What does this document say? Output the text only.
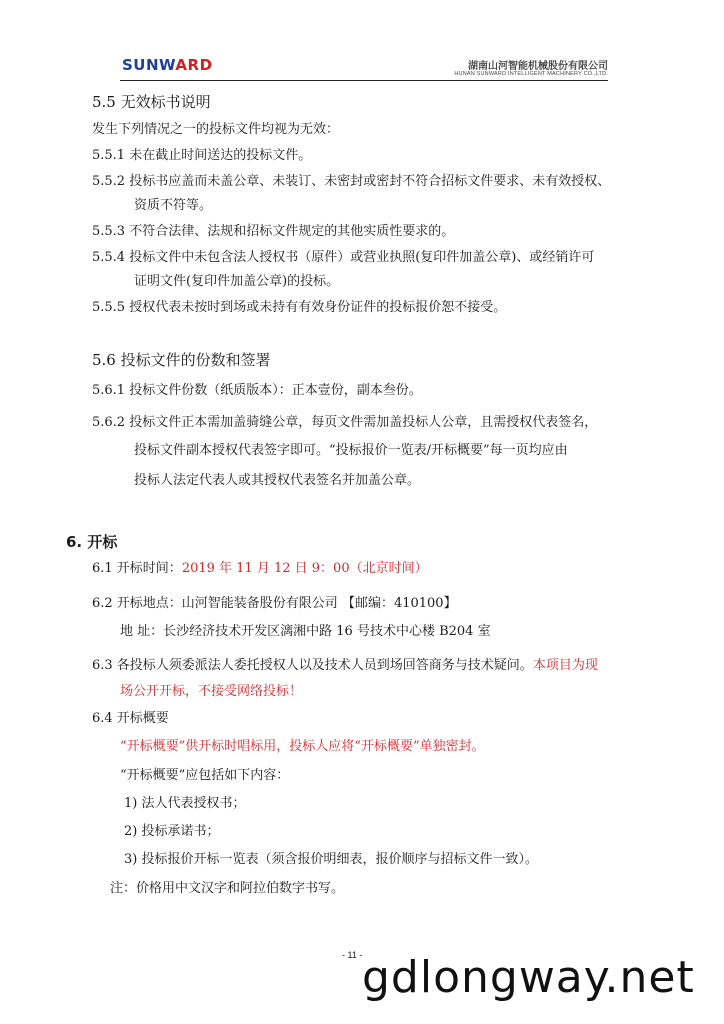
SUNWARD	湖南山河智能机械股份有限公司
HUNAN SUNWARD INTELLIGENT MACHINERY CO.,LTD.
5.5 无效标书说明
发生下列情况之一的投标文件均视为无效：
5.5.1 未在截止时间送达的投标文件。
5.5.2 投标书应盖而未盖公章、未装订、未密封或密封不符合招标文件要求、未有效授权、
资质不符等。
5.5.3 不符合法律、法规和招标文件规定的其他实质性要求的。
5.5.4 投标文件中未包含法人授权书（原件）或营业执照(复印件加盖公章)、或经销许可
证明文件(复印件加盖公章)的投标。
5.5.5 授权代表未按时到场或未持有有效身份证件的投标报价恕不接受。
5.6 投标文件的份数和签署
5.6.1 投标文件份数（纸质版本）：正本壹份，副本叁份。
5.6.2 投标文件正本需加盖骑缝公章，每页文件需加盖投标人公章，且需授权代表签名，
投标文件副本授权代表签字即可。“投标报价一览表/开标概要”每一页均应由
投标人法定代表人或其授权代表签名并加盖公章。
6. 开标
6.1 开标时间：2019 年 11 月 12 日 9：00（北京时间）
6.2 开标地点：山河智能装备股份有限公司 【邮编：410100】
地 址：长沙经济技术开发区漓湘中路 16 号技术中心楼 B204 室
6.3 各投标人须委派法人委托授权人以及技术人员到场回答商务与技术疑问。本项目为现
场公开开标，不接受网络投标！
6.4 开标概要
“开标概要”供开标时唱标用，投标人应将“开标概要”单独密封。
“开标概要”应包括如下内容：
1) 法人代表授权书；
2) 投标承诺书；
3) 投标报价开标一览表（须含报价明细表，报价顺序与招标文件一致）。
注：价格用中文汉字和阿拉伯数字书写。
- 11 - gdlongway.net
